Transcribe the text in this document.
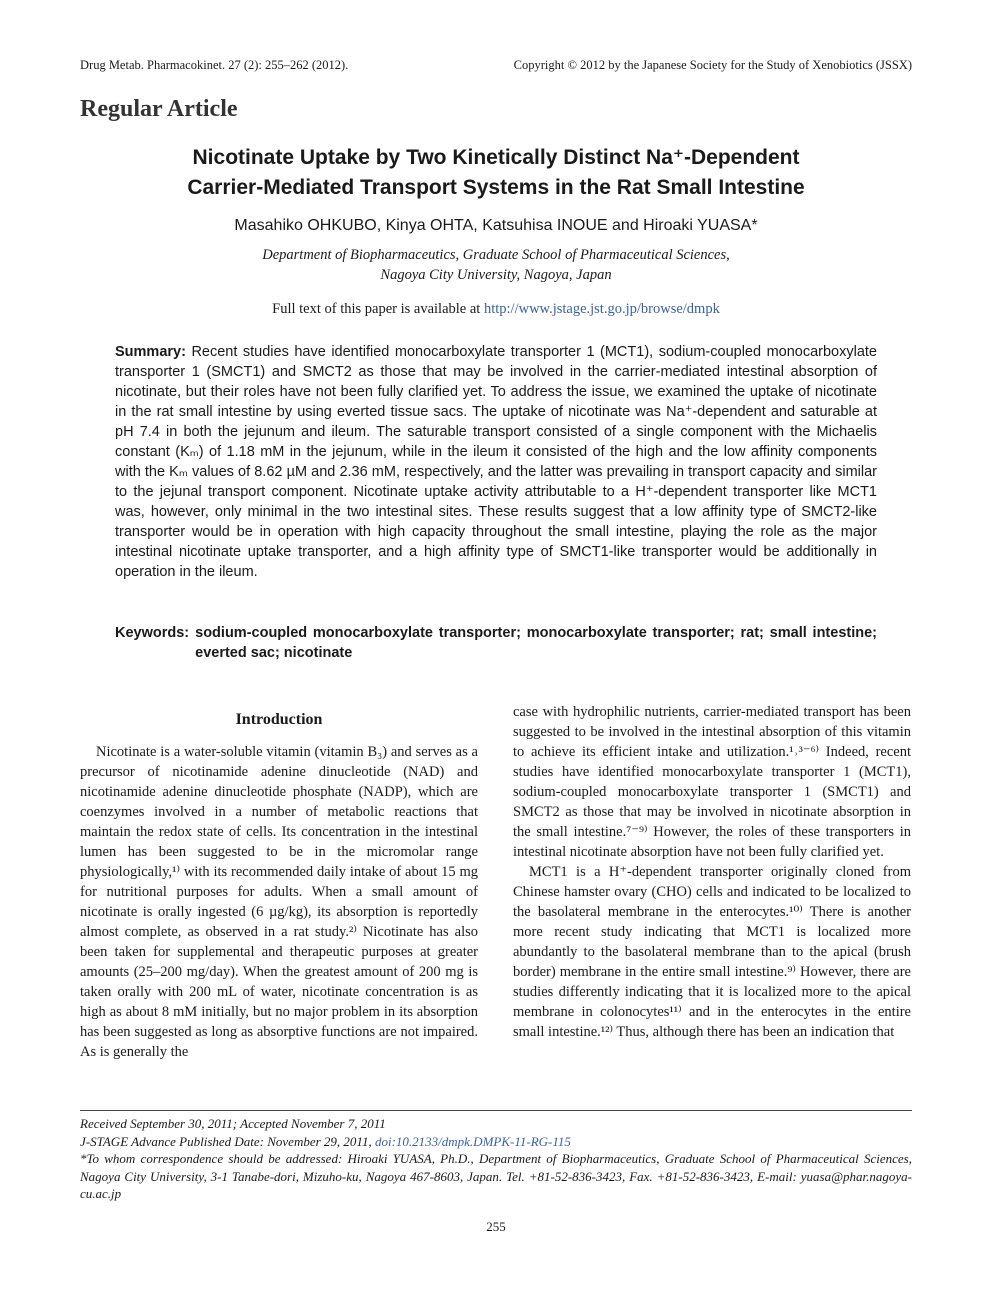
Drug Metab. Pharmacokinet. 27 (2): 255–262 (2012).	Copyright © 2012 by the Japanese Society for the Study of Xenobiotics (JSSX)
Regular Article
Nicotinate Uptake by Two Kinetically Distinct Na⁺-Dependent
Carrier-Mediated Transport Systems in the Rat Small Intestine
Masahiko OHKUBO, Kinya OHTA, Katsuhisa INOUE and Hiroaki YUASA*
Department of Biopharmaceutics, Graduate School of Pharmaceutical Sciences,
Nagoya City University, Nagoya, Japan
Full text of this paper is available at http://www.jstage.jst.go.jp/browse/dmpk
Summary: Recent studies have identified monocarboxylate transporter 1 (MCT1), sodium-coupled monocarboxylate transporter 1 (SMCT1) and SMCT2 as those that may be involved in the carrier-mediated intestinal absorption of nicotinate, but their roles have not been fully clarified yet. To address the issue, we examined the uptake of nicotinate in the rat small intestine by using everted tissue sacs. The uptake of nicotinate was Na⁺-dependent and saturable at pH 7.4 in both the jejunum and ileum. The saturable transport consisted of a single component with the Michaelis constant (Kₘ) of 1.18 mM in the jejunum, while in the ileum it consisted of the high and the low affinity components with the Kₘ values of 8.62 µM and 2.36 mM, respectively, and the latter was prevailing in transport capacity and similar to the jejunal transport component. Nicotinate uptake activity attributable to a H⁺-dependent transporter like MCT1 was, however, only minimal in the two intestinal sites. These results suggest that a low affinity type of SMCT2-like transporter would be in operation with high capacity throughout the small intestine, playing the role as the major intestinal nicotinate uptake transporter, and a high affinity type of SMCT1-like transporter would be additionally in operation in the ileum.
Keywords: sodium-coupled monocarboxylate transporter; monocarboxylate transporter; rat; small intestine; everted sac; nicotinate
Introduction

Nicotinate is a water-soluble vitamin (vitamin B₃) and serves as a precursor of nicotinamide adenine dinucleotide (NAD) and nicotinamide adenine dinucleotide phosphate (NADP), which are coenzymes involved in a number of metabolic reactions that maintain the redox state of cells. Its concentration in the intestinal lumen has been suggested to be in the micromolar range physiologically,¹⁾ with its recommended daily intake of about 15 mg for nutritional purposes for adults. When a small amount of nicotinate is orally ingested (6 µg/kg), its absorption is reportedly almost complete, as observed in a rat study.²⁾ Nicotinate has also been taken for supplemental and therapeutic purposes at greater amounts (25–200 mg/day). When the greatest amount of 200 mg is taken orally with 200 mL of water, nicotinate concentration is as high as about 8 mM initially, but no major problem in its absorption has been suggested as long as absorptive functions are not impaired. As is generally the

case with hydrophilic nutrients, carrier-mediated transport has been suggested to be involved in the intestinal absorption of this vitamin to achieve its efficient intake and utilization.¹˒³⁻⁶⁾ Indeed, recent studies have identified monocarboxylate transporter 1 (MCT1), sodium-coupled monocarboxylate transporter 1 (SMCT1) and SMCT2 as those that may be involved in nicotinate absorption in the small intestine.⁷⁻⁹⁾ However, the roles of these transporters in intestinal nicotinate absorption have not been fully clarified yet.

MCT1 is a H⁺-dependent transporter originally cloned from Chinese hamster ovary (CHO) cells and indicated to be localized to the basolateral membrane in the enterocytes.¹⁰⁾ There is another more recent study indicating that MCT1 is localized more abundantly to the basolateral membrane than to the apical (brush border) membrane in the entire small intestine.⁹⁾ However, there are studies differently indicating that it is localized more to the apical membrane in colonocytes¹¹⁾ and in the enterocytes in the entire small intestine.¹²⁾ Thus, although there has been an indication that

Received September 30, 2011; Accepted November 7, 2011

J-STAGE Advance Published Date: November 29, 2011, doi:10.2133/dmpk.DMPK-11-RG-115

*To whom correspondence should be addressed: Hiroaki YUASA, Ph.D., Department of Biopharmaceutics, Graduate School of Pharmaceutical Sciences, Nagoya City University, 3-1 Tanabe-dori, Mizuho-ku, Nagoya 467-8603, Japan. Tel. +81-52-836-3423, Fax. +81-52-836-3423, E-mail: yuasa@phar.nagoya-cu.ac.jp

255
